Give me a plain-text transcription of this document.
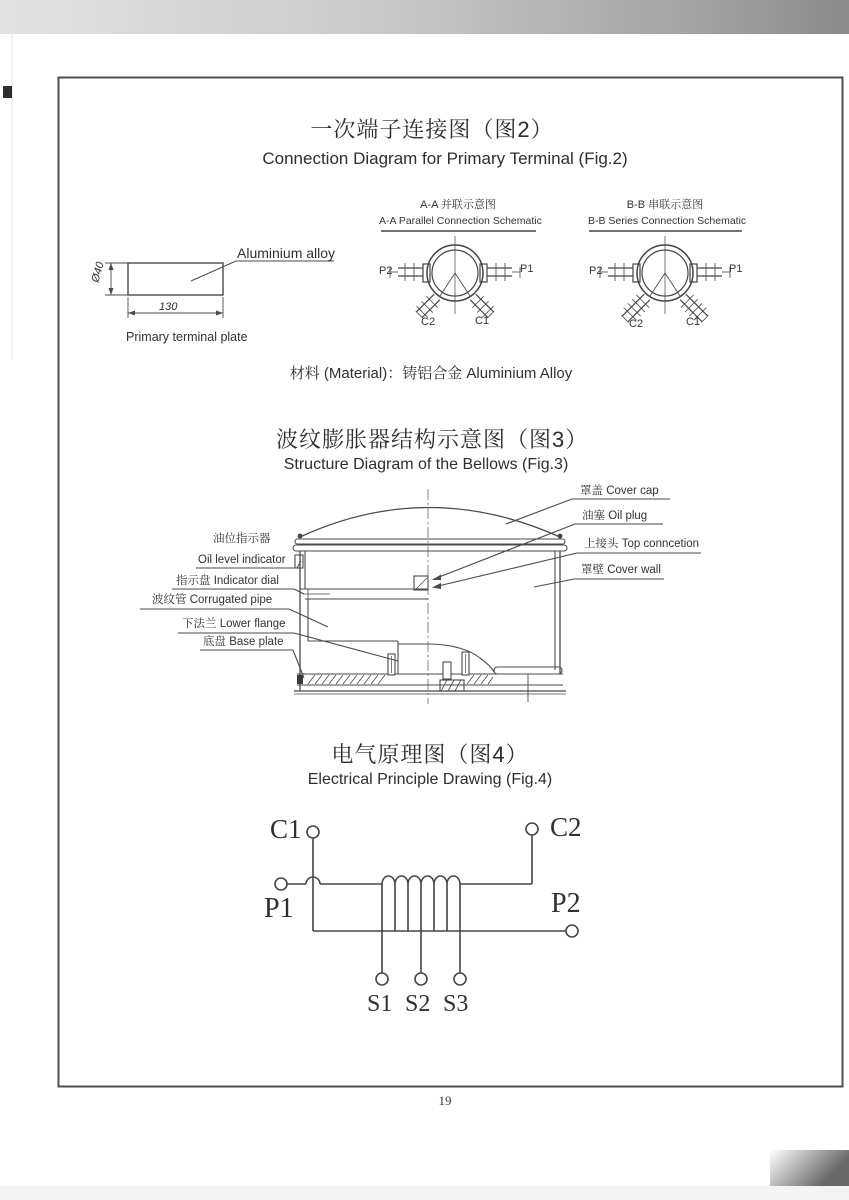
一次端子连接图（图2）
Connection Diagram for Primary Terminal (Fig.2)
A-A 并联示意图
A-A Parallel Connection Schematic
P2	P1
C2	C1
B-B 串联示意图
B-B Series Connection Schematic
P2	P1
C2	C1
Aluminium alloy
Ø40
130
Primary terminal plate
材料 (Material)：铸铝合金 Aluminium Alloy
波纹膨胀器结构示意图（图3）
Structure Diagram of the Bellows (Fig.3)
罩盖 Cover cap
油塞 Oil plug
上接头 Top conncetion
罩壁 Cover wall
油位指示器
Oil level indicator
指示盘 Indicator dial
波纹管 Corrugated pipe
下法兰 Lower flange
底盘 Base plate
电气原理图（图4）
Electrical Principle Drawing (Fig.4)
C1	C2
P1	P2
S1 S2 S3
19
